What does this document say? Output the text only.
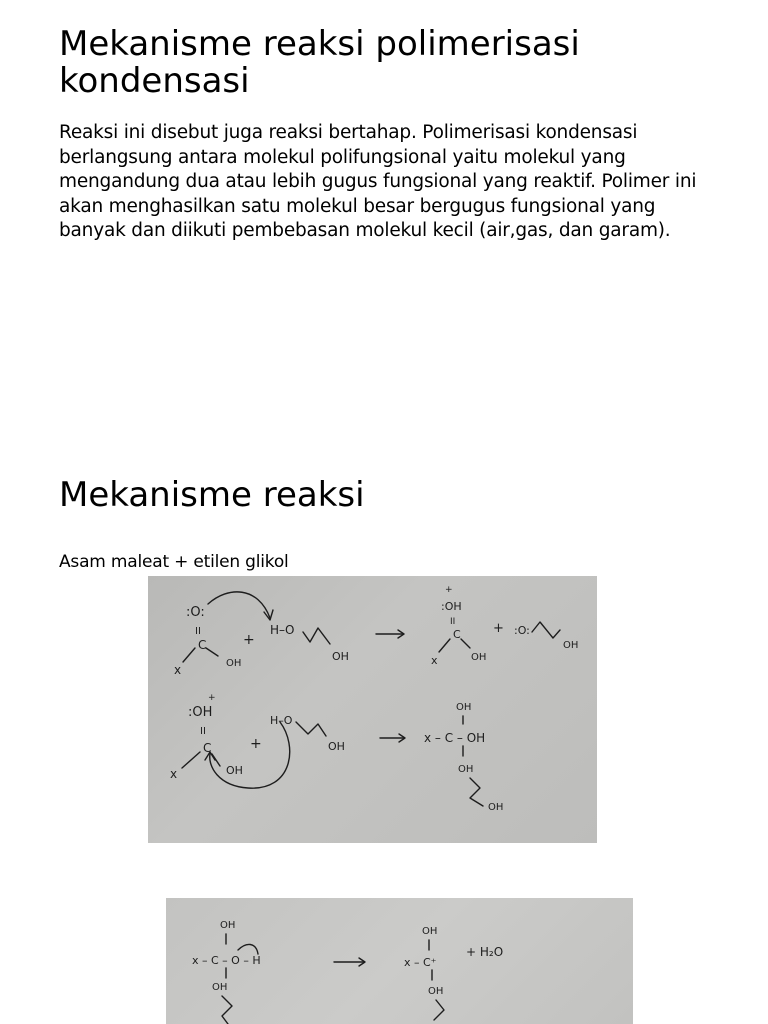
Mekanisme reaksi polimerisasi kondensasi
Reaksi ini disebut juga reaksi bertahap. Polimerisasi kondensasi berlangsung antara molekul polifungsional yaitu molekul yang mengandung dua atau lebih gugus fungsional yang reaktif. Polimer ini akan menghasilkan satu molekul besar bergugus fungsional yang banyak dan diikuti pembebasan molekul kecil (air,gas, dan garam).
Mekanisme reaksi
Asam maleat + etilen glikol
:O:
II
C
x	OH
+
H–O
OH
+
:OH
II
C
x	OH
+ :O:
OH
+
:OH
II
C
x	OH
+
H–O
OH
OH
x – C – OH
OH
OH
OH
x – C – O – H
OH
OH
x – C⁺
OH
+ H₂O
